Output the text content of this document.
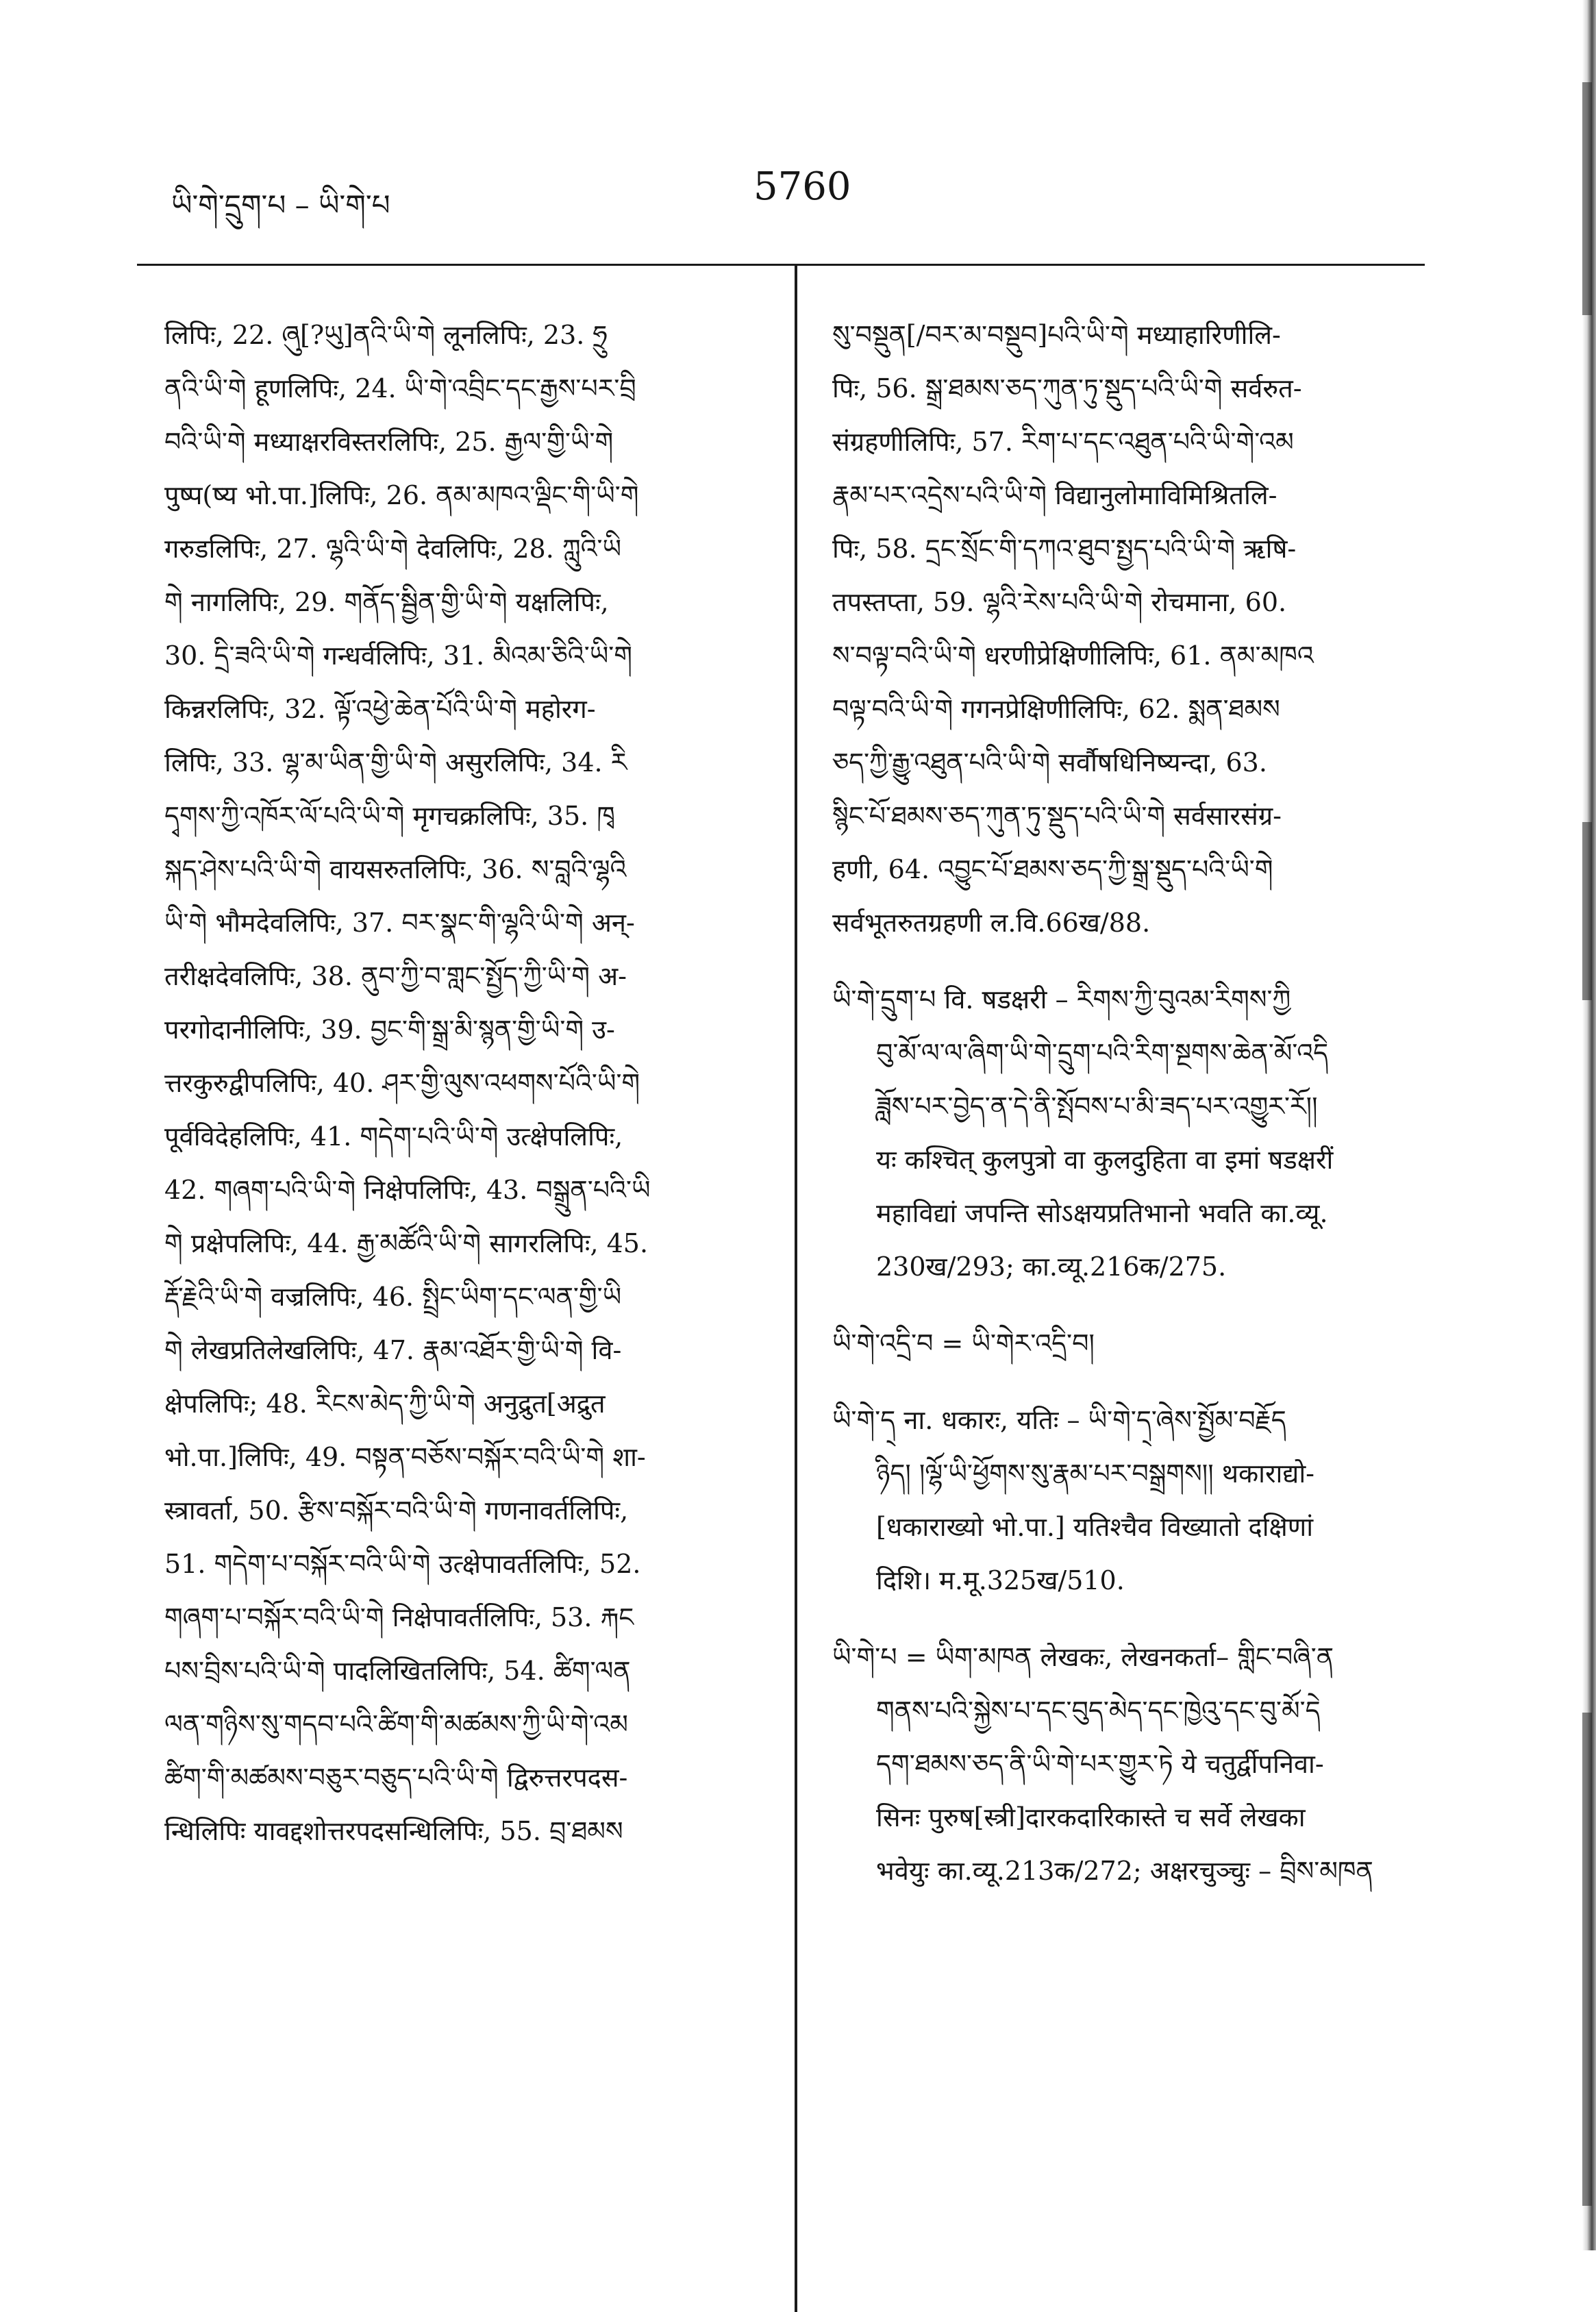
ཡི་གེ་དྲུག་པ – ཡི་གེ་པ	5760
लिपिः, 22. ཞུ[?ཡུ]ནའི་ཡི་གེ लूनलिपिः, 23. ཧྲུ
ནའི་ཡི་གེ हूणलिपिः, 24. ཡི་གེ་འབྲིང་དང་རྒྱས་པར་བྲི
བའི་ཡི་གེ मध्याक्षरविस्तरलिपिः, 25. རྒྱལ་གྱི་ཡི་གེ
पुष्प(ष्य भो.पा.]लिपिः, 26. ནམ་མཁའ་ལྡིང་གི་ཡི་གེ
गरुडलिपिः, 27. ལྷའི་ཡི་གེ देवलिपिः, 28. ཀླུའི་ཡི
གེ नागलिपिः, 29. གནོད་སྦྱིན་གྱི་ཡི་གེ यक्षलिपिः,
30. དྲི་ཟའི་ཡི་གེ गन्धर्वलिपिः, 31. མིའམ་ཅིའི་ཡི་གེ
किन्नरलिपिः, 32. ལྟོ་འཕྱེ་ཆེན་པོའི་ཡི་གེ महोरग-
लिपिः, 33. ལྷ་མ་ཡིན་གྱི་ཡི་གེ असुरलिपिः, 34. རི
དྭགས་ཀྱི་འཁོར་ལོ་པའི་ཡི་གེ मृगचक्रलिपिः, 35. ཁྭ
སྐད་ཤེས་པའི་ཡི་གེ वायसरुतलिपिः, 36. ས་བླའི་ལྷའི
ཡི་གེ भौमदेवलिपिः, 37. བར་སྣང་གི་ལྷའི་ཡི་གེ अन्-
तरीक्षदेवलिपिः, 38. ནུབ་ཀྱི་བ་གླང་སྤྱོད་ཀྱི་ཡི་གེ अ-
परगोदानीलिपिः, 39. བྱང་གི་སྒྲ་མི་སྙན་གྱི་ཡི་གེ उ-
त्तरकुरुद्वीपलिपिः, 40. ཤར་གྱི་ལུས་འཕགས་པོའི་ཡི་གེ
पूर्वविदेहलिपिः, 41. གདེག་པའི་ཡི་གེ उत्क्षेपलिपिः,
42. གཞག་པའི་ཡི་གེ निक्षेपलिपिः, 43. བསྒྲུན་པའི་ཡི
གེ प्रक्षेपलिपिः, 44. རྒྱ་མཚོའི་ཡི་གེ सागरलिपिः, 45.
རྡོ་རྗེའི་ཡི་གེ वज्रलिपिः, 46. སྤྲིང་ཡིག་དང་ལན་གྱི་ཡི
གེ लेखप्रतिलेखलिपिः, 47. རྣམ་འཐོར་གྱི་ཡི་གེ वि-
क्षेपलिपिः; 48. རིངས་མེད་ཀྱི་ཡི་གེ अनुद्रुत[अद्रुत
भो.पा.]लिपिः, 49. བསྟན་བཅོས་བསྐོར་བའི་ཡི་གེ शा-
स्त्रावर्ता, 50. རྩིས་བསྐོར་བའི་ཡི་གེ गणनावर्तलिपिः,
51. གདེག་པ་བསྐོར་བའི་ཡི་གེ उत्क्षेपावर्तलिपिः, 52.
གཞག་པ་བསྐོར་བའི་ཡི་གེ निक्षेपावर्तलिपिः, 53. རྐང
པས་བྲིས་པའི་ཡི་གེ पादलिखितलिपिः, 54. ཚིག་ལན
ལན་གཉིས་སུ་གདབ་པའི་ཚིག་གི་མཚམས་ཀྱི་ཡི་གེ་འམ
ཚིག་གི་མཚམས་བཅུར་བཅུད་པའི་ཡི་གེ द्विरुत्तरपदस-
न्धिलिपिः यावद्दशोत्तरपदसन्धिलिपिः, 55. བྲ་ཐམས
སུ་བསྡུན[/བར་མ་བསྡུབ]པའི་ཡི་གེ मध्याहारिणीलि-
पिः, 56. སྒྲ་ཐམས་ཅད་ཀུན་ཏུ་སྡུད་པའི་ཡི་གེ सर्वरुत-
संग्रहणीलिपिः, 57. རིག་པ་དང་འཐུན་པའི་ཡི་གེ་འམ
རྣམ་པར་འདྲེས་པའི་ཡི་གེ विद्यानुलोमाविमिश्रितलि-
पिः, 58. དྲང་སྲོང་གི་དཀའ་ཐུབ་སྤྱད་པའི་ཡི་གེ ऋषि-
तपस्तप्ता, 59. ལྷའི་རེས་པའི་ཡི་གེ रोचमाना, 60.
ས་བལྟ་བའི་ཡི་གེ धरणीप्रेक्षिणीलिपिः, 61. ནམ་མཁའ
བལྟ་བའི་ཡི་གེ गगनप्रेक्षिणीलिपिः, 62. སྨན་ཐམས
ཅད་ཀྱི་རྒྱུ་འཐུན་པའི་ཡི་གེ सर्वौषधिनिष्यन्दा, 63.
སྙིང་པོ་ཐམས་ཅད་ཀུན་ཏུ་སྡུད་པའི་ཡི་གེ सर्वसारसंग्र-
हणी, 64. འབྱུང་པོ་ཐམས་ཅད་ཀྱི་སྒྲ་སྡུད་པའི་ཡི་གེ
सर्वभूतरुतग्रहणी ल.वि.66ख/88.
ཡི་གེ་དྲུག་པ वि. षडक्षरी – རིགས་ཀྱི་བུའམ་རིགས་ཀྱི
བུ་མོ་ལ་ལ་ཞིག་ཡི་གེ་དྲུག་པའི་རིག་སྔགས་ཆེན་མོ་འདི
ཟློས་པར་བྱེད་ན་དེ་ནི་སྤོབས་པ་མི་ཟད་པར་འགྱུར་རོ།།
यः कश्चित् कुलपुत्रो वा कुलदुहिता वा इमां षडक्षरीं
महाविद्यां जपन्ति सोऽक्षयप्रतिभानो भवति का.व्यू.
230ख/293; का.व्यू.216क/275.
ཡི་གེ་འདྲི་བ = ཡི་གེར་འདྲི་བ།
ཡི་གེ་ད྄ ना. धकारः, यतिः – ཡི་གེ་ད྄་ཞེས་སྤྱོམ་བརྗོད
ཉིད། །ལྷོ་ཡི་ཕྱོགས་སུ་རྣམ་པར་བསྒྲགས།། थकाराद्यो-
[धकाराख्यो भो.पा.] यतिश्चैव विख्यातो दक्षिणां
दिशि। म.मू.325ख/510.
ཡི་གེ་པ = ཡིག་མཁན लेखकः, लेखनकर्ता– གླིང་བཞི་ན
གནས་པའི་སྐྱེས་པ་དང་བུད་མེད་དང་ཁྱེའུ་དང་བུ་མོ་དེ
དག་ཐམས་ཅད་ནི་ཡི་གེ་པར་གྱུར་ཏེ ये चतुर्द्वीपनिवा-
सिनः पुरुष[स्त्री]दारकदारिकास्ते च सर्वे लेखका
भवेयुः का.व्यू.213क/272; अक्षरचुञ्चुः – བྲིས་མཁན
